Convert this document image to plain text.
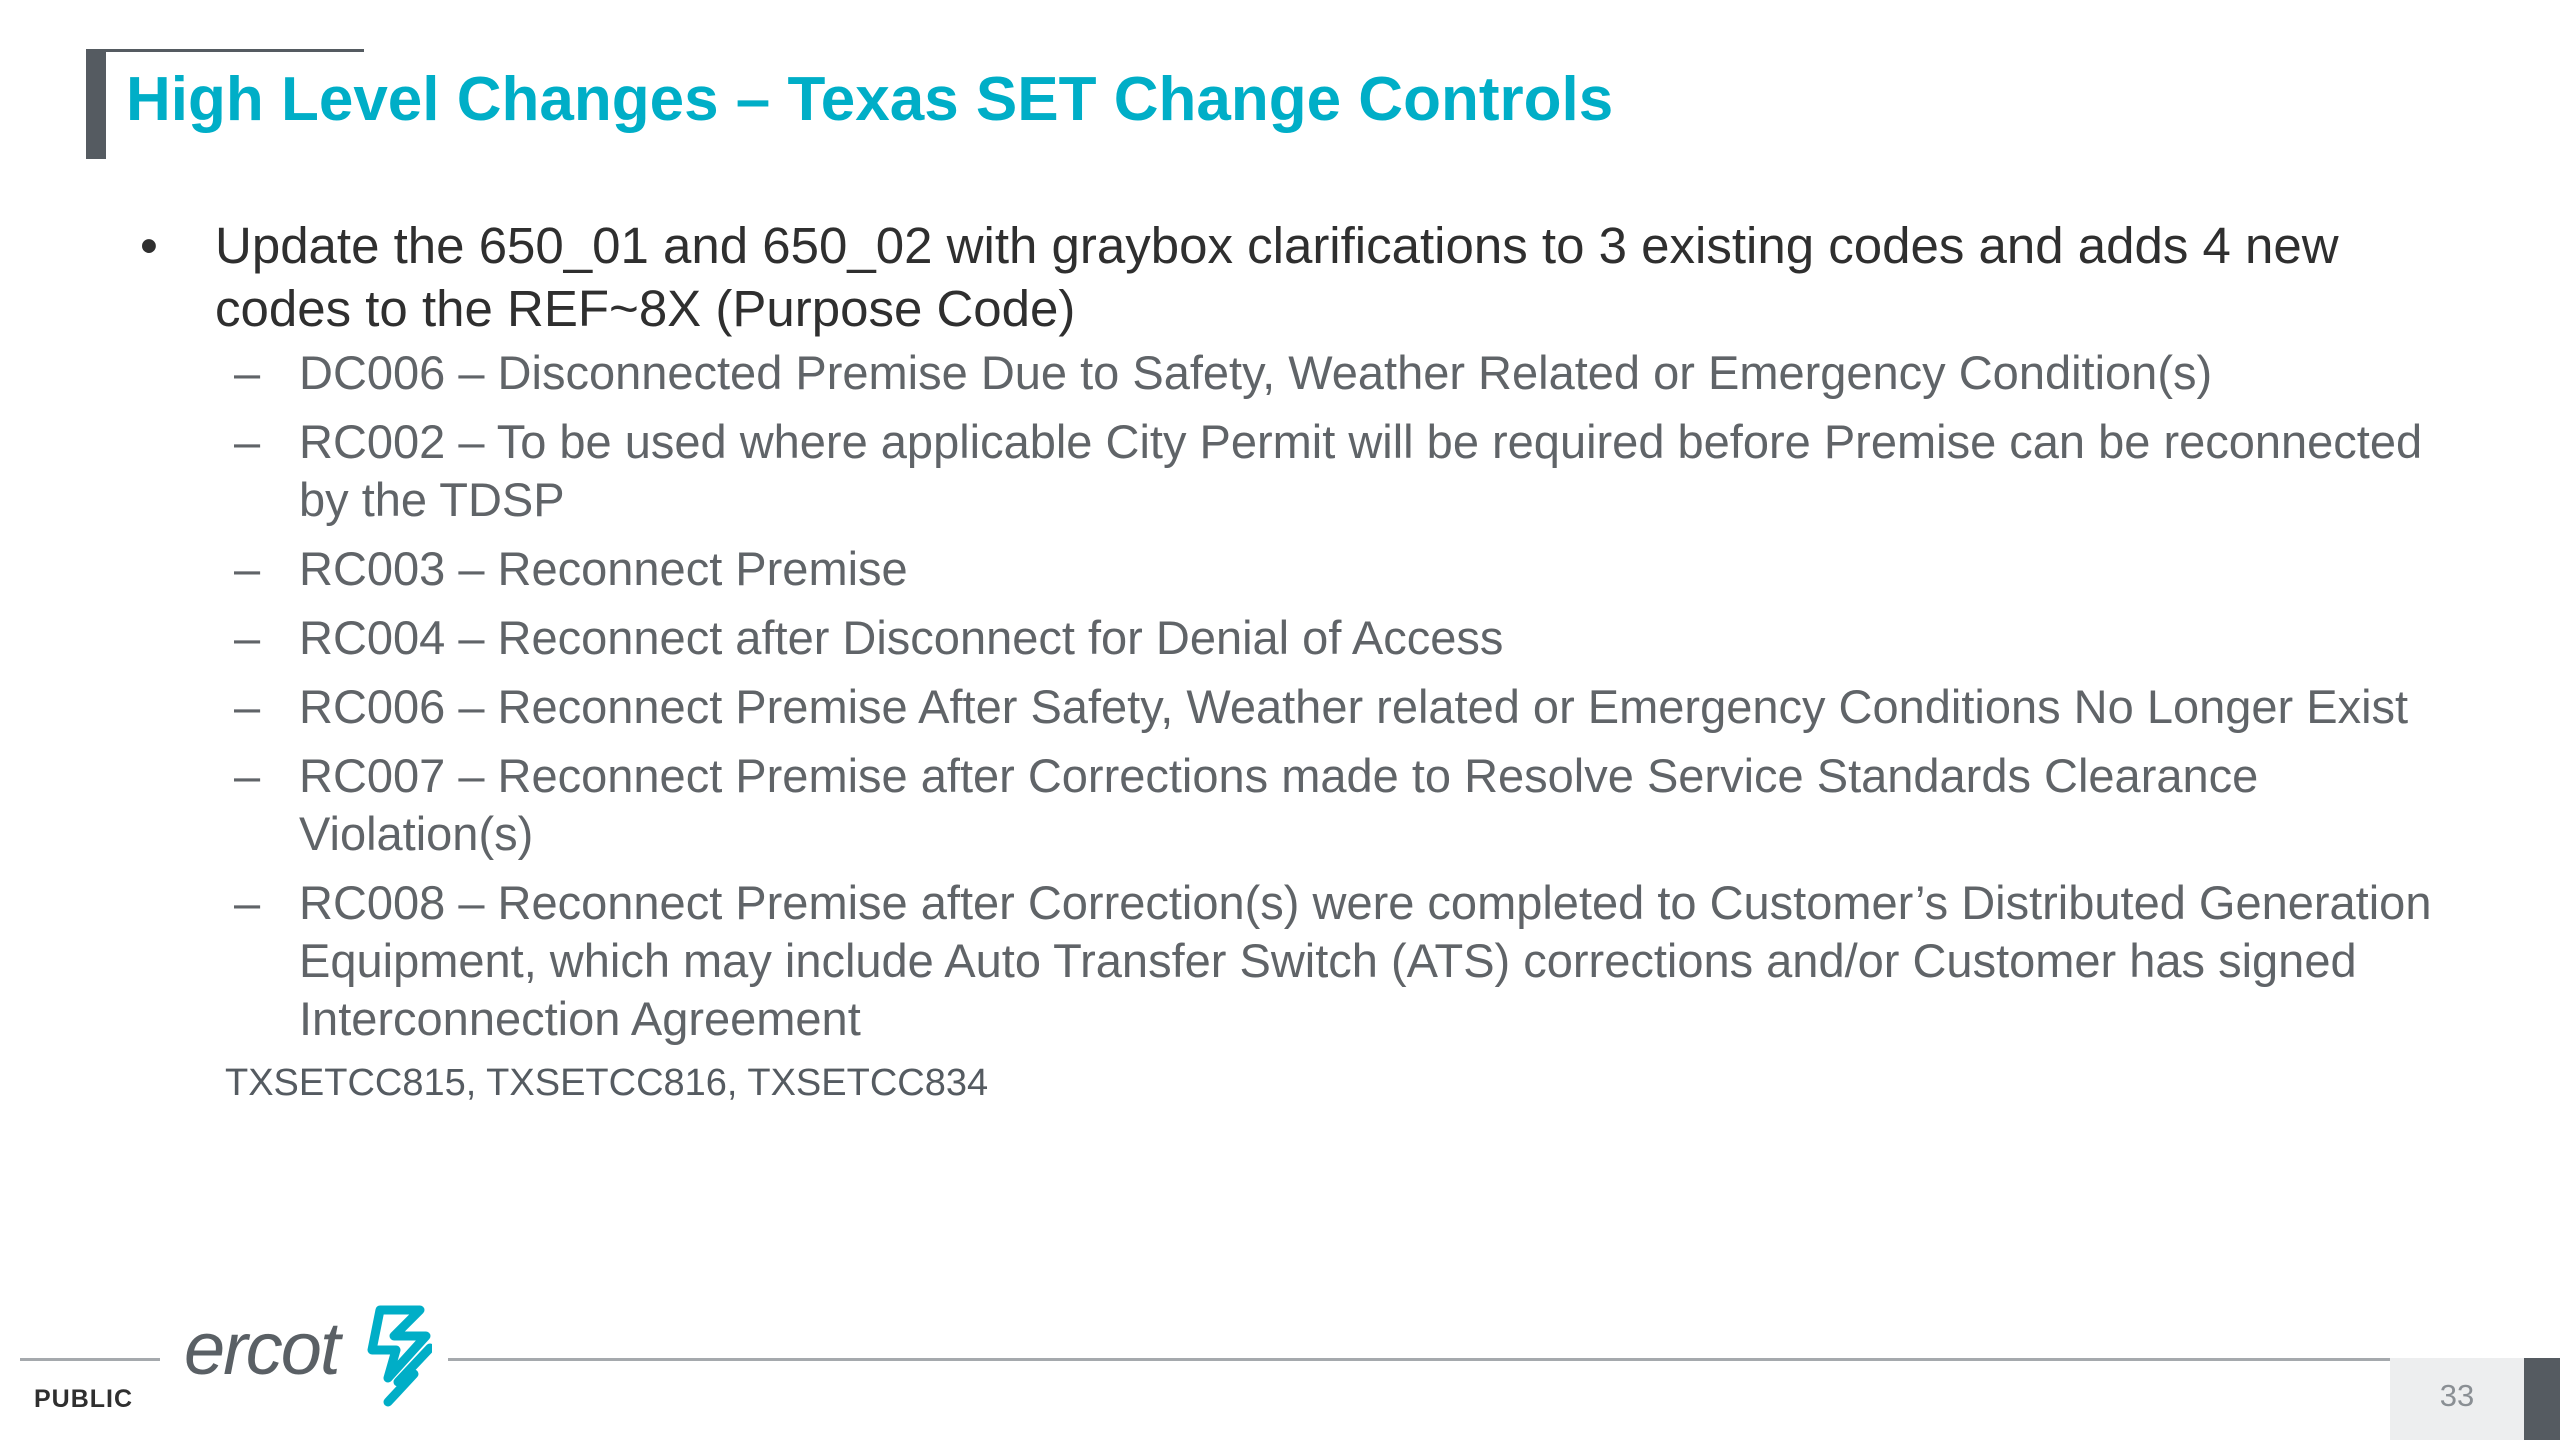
High Level Changes – Texas SET Change Controls
• Update the 650_01 and 650_02 with graybox clarifications to 3 existing codes and adds 4 new codes to the REF~8X (Purpose Code)
– DC006 – Disconnected Premise Due to Safety, Weather Related or Emergency Condition(s)
– RC002 – To be used where applicable City Permit will be required before Premise can be reconnected by the TDSP
– RC003 – Reconnect Premise
– RC004 – Reconnect after Disconnect for Denial of Access
– RC006 – Reconnect Premise After Safety, Weather related or Emergency Conditions No Longer Exist
– RC007 – Reconnect Premise after Corrections made to Resolve Service Standards Clearance Violation(s)
– RC008 – Reconnect Premise after Correction(s) were completed to Customer’s Distributed Generation Equipment, which may include Auto Transfer Switch (ATS) corrections and/or Customer has signed Interconnection Agreement
TXSETCC815, TXSETCC816, TXSETCC834
ercot
PUBLIC	33
